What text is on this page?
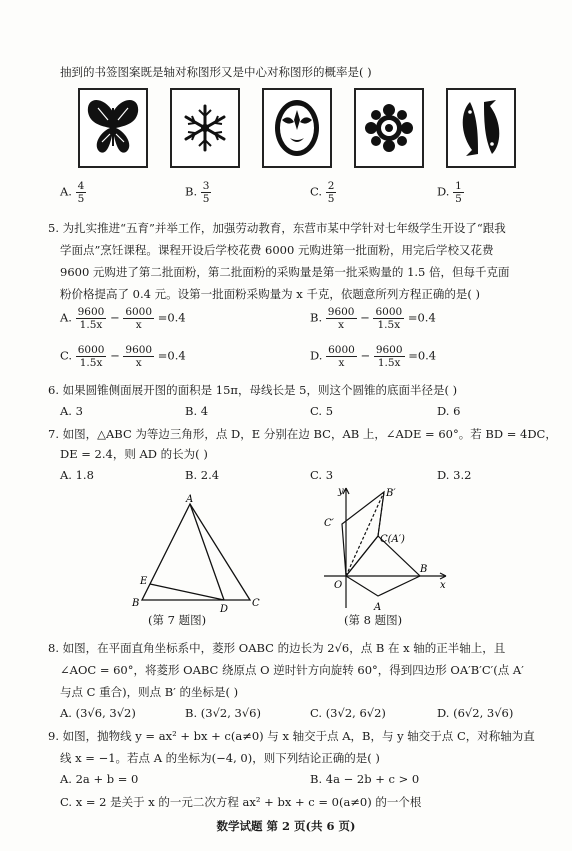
抽到的书签图案既是轴对称图形又是中心对称图形的概率是( )
A. $\frac{4}{5}$	B. $\frac{3}{5}$	C. $\frac{2}{5}$	D. $\frac{1}{5}$
5. 为扎实推进“五育”并举工作，加强劳动教育，东营市某中学针对七年级学生开设了“跟我
学面点”烹饪课程。课程开设后学校花费 6000 元购进第一批面粉，用完后学校又花费
9600 元购进了第二批面粉，第二批面粉的采购量是第一批采购量的 1.5 倍，但每千克面
粉价格提高了 0.4 元。设第一批面粉采购量为 x 千克，依题意所列方程正确的是( )
A. $\frac{9600}{1.5x} - \frac{6000}{x} =0.4$	B. $\frac{9600}{x} - \frac{6000}{1.5x} =0.4$
C. $\frac{6000}{1.5x} - \frac{9600}{x} =0.4$	D. $\frac{6000}{x} - \frac{9600}{1.5x} =0.4$
6. 如果圆锥侧面展开图的面积是 15π，母线长是 5，则这个圆锥的底面半径是( )
A. 3	B. 4	C. 5	D. 6
7. 如图，△ABC 为等边三角形，点 D，E 分别在边 BC，AB 上，∠ADE = 60°。若 BD = 4DC，
DE = 2.4，则 AD 的长为( )
A. 1.8	B. 2.4	C. 3	D. 3.2
A
B	C
D
E
(第 7 题图)
y
x
O
A
B
B′
C′
C(A′)
(第 8 题图)
8. 如图，在平面直角坐标系中，菱形 OABC 的边长为 2√6，点 B 在 x 轴的正半轴上，且
∠AOC = 60°，将菱形 OABC 绕原点 O 逆时针方向旋转 60°，得到四边形 OA′B′C′(点 A′
与点 C 重合)，则点 B′ 的坐标是( )
A. (3√6, 3√2)	B. (3√2, 3√6)	C. (3√2, 6√2)	D. (6√2, 3√6)
9. 如图，抛物线 y = ax² + bx + c(a≠0) 与 x 轴交于点 A，B，与 y 轴交于点 C，对称轴为直
线 x = −1。若点 A 的坐标为(−4, 0)，则下列结论正确的是( )
A. 2a + b = 0	B. 4a − 2b + c > 0
C. x = 2 是关于 x 的一元二次方程 ax² + bx + c = 0(a≠0) 的一个根
数学试题 第 2 页(共 6 页)
